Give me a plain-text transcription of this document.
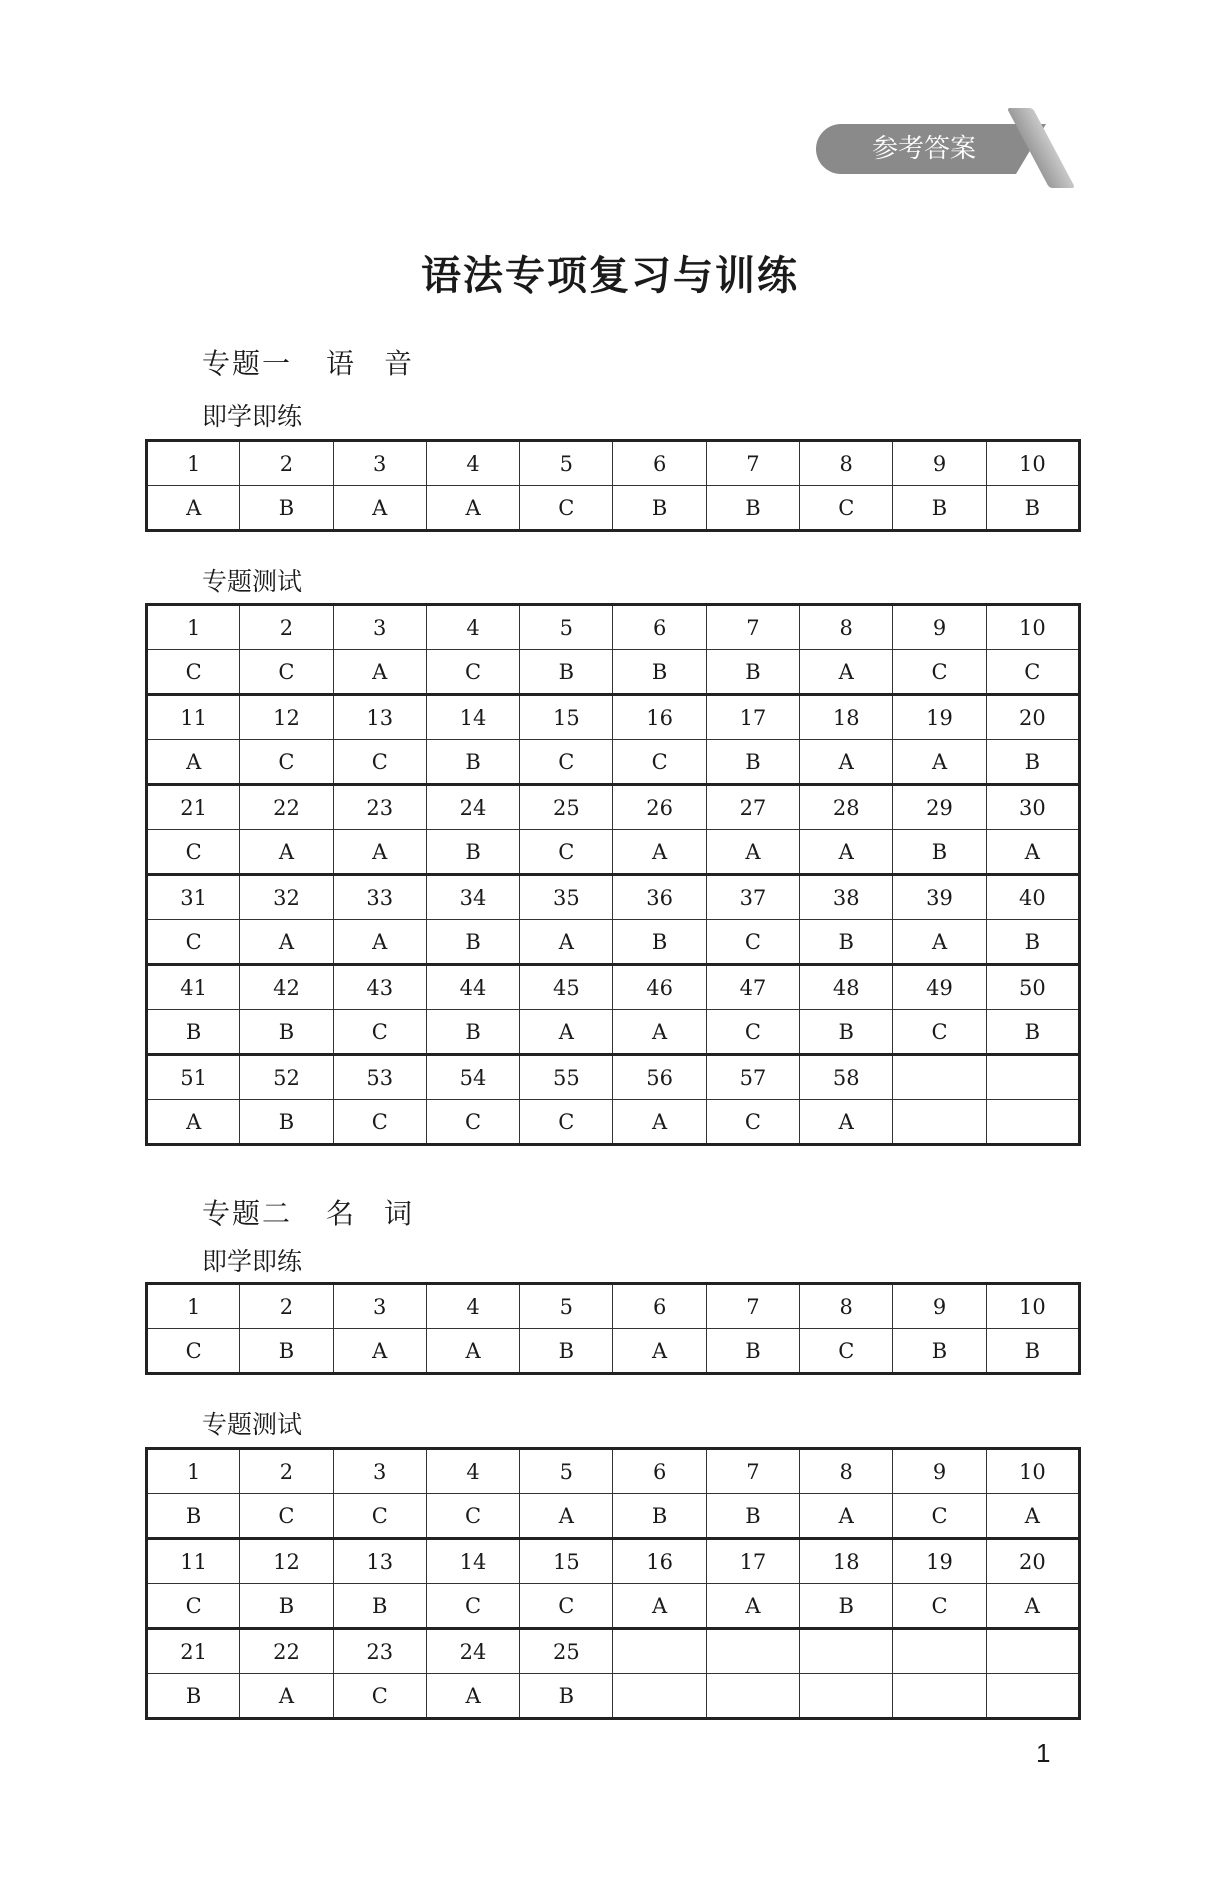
参考答案
语法专项复习与训练
专题一 语音
即学即练
1	2	3	4	5	6	7	8	9	10
A	B	A	A	C	B	B	C	B	B
专题测试
1	2	3	4	5	6	7	8	9	10
C	C	A	C	B	B	B	A	C	C
11	12	13	14	15	16	17	18	19	20
A	C	C	B	C	C	B	A	A	B
21	22	23	24	25	26	27	28	29	30
C	A	A	B	C	A	A	A	B	A
31	32	33	34	35	36	37	38	39	40
C	A	A	B	A	B	C	B	A	B
41	42	43	44	45	46	47	48	49	50
B	B	C	B	A	A	C	B	C	B
51	52	53	54	55	56	57	58		
A	B	C	C	C	A	C	A		
专题二 名词
即学即练
1	2	3	4	5	6	7	8	9	10
C	B	A	A	B	A	B	C	B	B
专题测试
1	2	3	4	5	6	7	8	9	10
B	C	C	C	A	B	B	A	C	A
11	12	13	14	15	16	17	18	19	20
C	B	B	C	C	A	A	B	C	A
21	22	23	24	25					
B	A	C	A	B					
1
